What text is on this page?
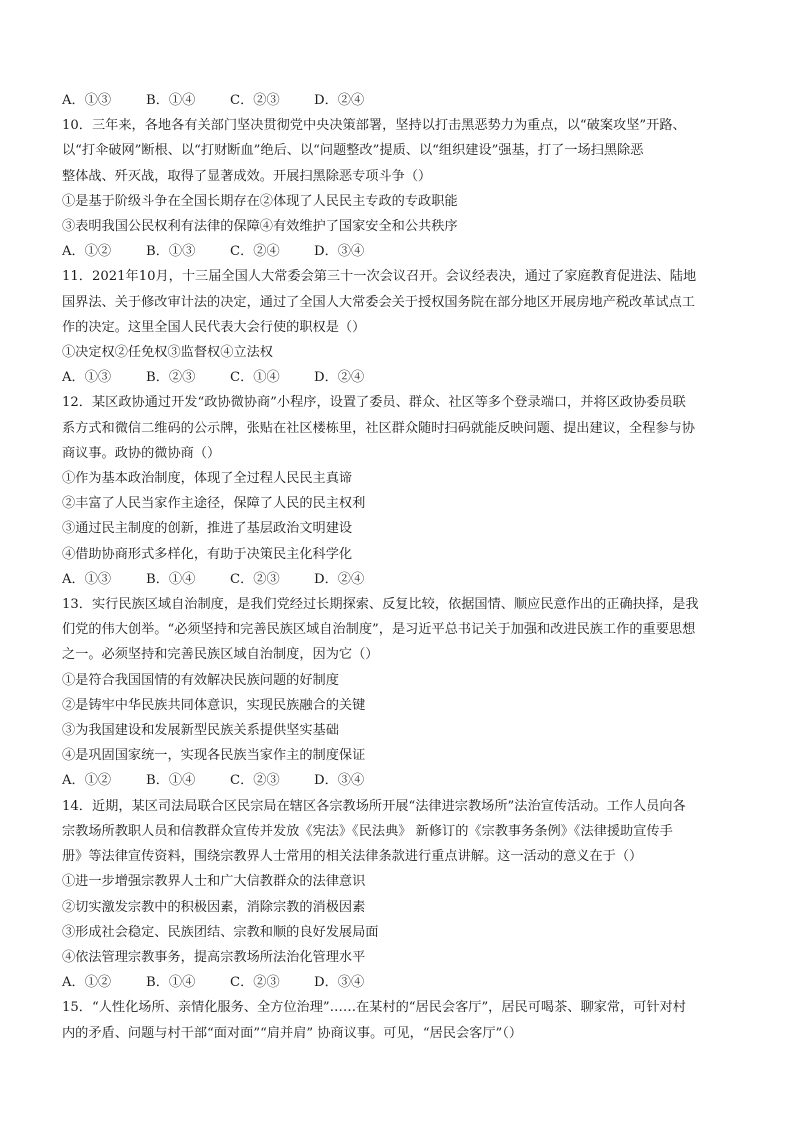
A．①③	B．①④	C．②③	D．②④
10．三年来，各地各有关部门坚决贯彻党中央决策部署，坚持以打击黑恶势力为重点，以“破案攻坚”开路、
以“打伞破网”断根、以“打财断血”绝后、以“问题整改”提质、以“组织建设”强基，打了一场扫黑除恶
整体战、歼灭战，取得了显著成效。开展扫黑除恶专项斗争（）
①是基于阶级斗争在全国长期存在②体现了人民民主专政的专政职能
③表明我国公民权利有法律的保障④有效维护了国家安全和公共秩序
A．①②	B．①③	C．②④	D．③④
11．2021年10月，十三届全国人大常委会第三十一次会议召开。会议经表决，通过了家庭教育促进法、陆地
国界法、关于修改审计法的决定，通过了全国人大常委会关于授权国务院在部分地区开展房地产税改革试点工
作的决定。这里全国人民代表大会行使的职权是（）
①决定权②任免权③监督权④立法权
A．①③	B．②③	C．①④	D．②④
12．某区政协通过开发“政协微协商”小程序，设置了委员、群众、社区等多个登录端口，并将区政协委员联
系方式和微信二维码的公示牌，张贴在社区楼栋里，社区群众随时扫码就能反映问题、提出建议，全程参与协
商议事。政协的微协商（）
①作为基本政治制度，体现了全过程人民民主真谛
②丰富了人民当家作主途径，保障了人民的民主权利
③通过民主制度的创新，推进了基层政治文明建设
④借助协商形式多样化，有助于决策民主化科学化
A．①③	B．①④	C．②③	D．②④
13．实行民族区域自治制度，是我们党经过长期探索、反复比较，依据国情、顺应民意作出的正确抉择，是我
们党的伟大创举。“必须坚持和完善民族区域自治制度”，是习近平总书记关于加强和改进民族工作的重要思想
之一。必须坚持和完善民族区域自治制度，因为它（）
①是符合我国国情的有效解决民族问题的好制度
②是铸牢中华民族共同体意识，实现民族融合的关键
③为我国建设和发展新型民族关系提供坚实基础
④是巩固国家统一，实现各民族当家作主的制度保证
A．①②	B．①④	C．②③	D．③④
14．近期，某区司法局联合区民宗局在辖区各宗教场所开展“法律进宗教场所”法治宣传活动。工作人员向各
宗教场所教职人员和信教群众宣传并发放《宪法》《民法典》 新修订的《宗教事务条例》《法律援助宣传手
册》等法律宣传资料，围绕宗教界人士常用的相关法律条款进行重点讲解。这一活动的意义在于（）
①进一步增强宗教界人士和广大信教群众的法律意识
②切实激发宗教中的积极因素，消除宗教的消极因素
③形成社会稳定、民族团结、宗教和顺的良好发展局面
④依法管理宗教事务，提高宗教场所法治化管理水平
A．①②	B．①④	C．②③	D．③④
15．“人性化场所、亲情化服务、全方位治理”……在某村的“居民会客厅”，居民可喝茶、聊家常，可针对村
内的矛盾、问题与村干部“面对面”“肩并肩” 协商议事。可见，“居民会客厅”（）
